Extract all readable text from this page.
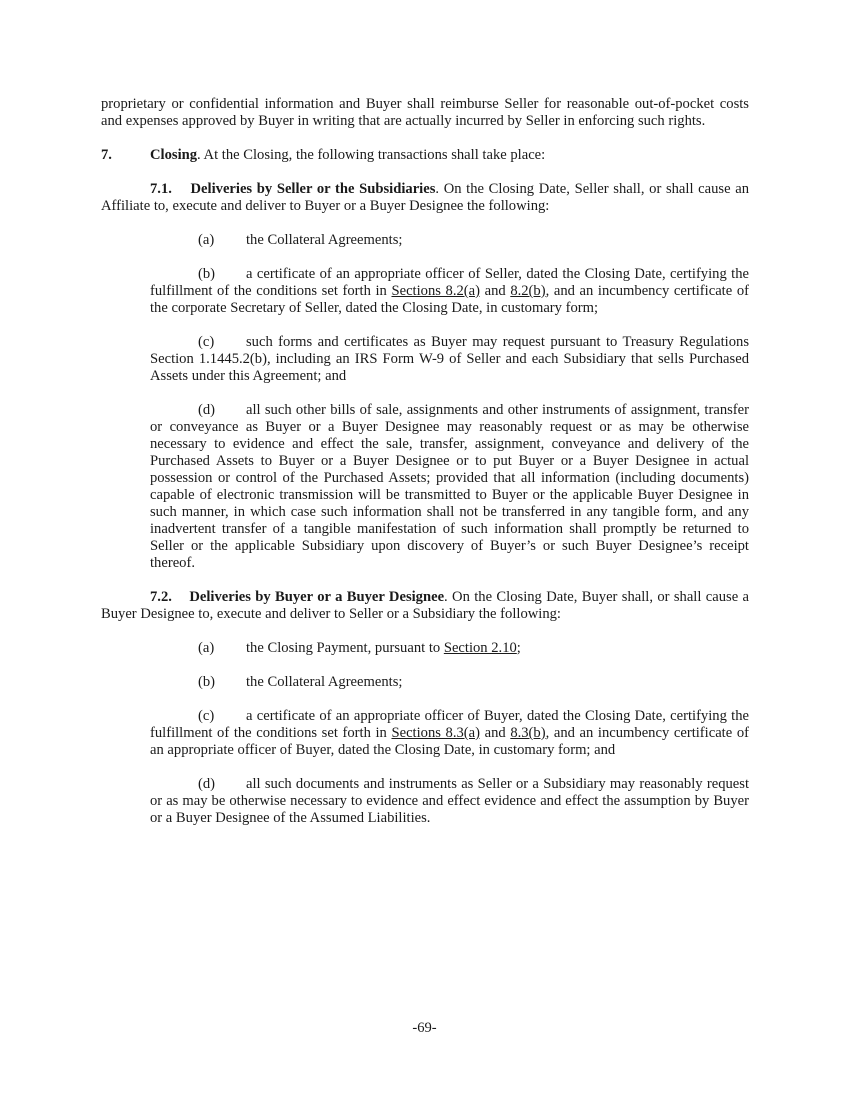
proprietary or confidential information and Buyer shall reimburse Seller for reasonable out-of-pocket costs and expenses approved by Buyer in writing that are actually incurred by Seller in enforcing such rights.

7.	Closing. At the Closing, the following transactions shall take place:

7.1. Deliveries by Seller or the Subsidiaries. On the Closing Date, Seller shall, or shall cause an Affiliate to, execute and deliver to Buyer or a Buyer Designee the following:

(a) the Collateral Agreements;

(b) a certificate of an appropriate officer of Seller, dated the Closing Date, certifying the fulfillment of the conditions set forth in Sections 8.2(a) and 8.2(b), and an incumbency certificate of the corporate Secretary of Seller, dated the Closing Date, in customary form;

(c) such forms and certificates as Buyer may request pursuant to Treasury Regulations Section 1.1445.2(b), including an IRS Form W-9 of Seller and each Subsidiary that sells Purchased Assets under this Agreement; and

(d) all such other bills of sale, assignments and other instruments of assignment, transfer or conveyance as Buyer or a Buyer Designee may reasonably request or as may be otherwise necessary to evidence and effect the sale, transfer, assignment, conveyance and delivery of the Purchased Assets to Buyer or a Buyer Designee or to put Buyer or a Buyer Designee in actual possession or control of the Purchased Assets; provided that all information (including documents) capable of electronic transmission will be transmitted to Buyer or the applicable Buyer Designee in such manner, in which case such information shall not be transferred in any tangible form, and any inadvertent transfer of a tangible manifestation of such information shall promptly be returned to Seller or the applicable Subsidiary upon discovery of Buyer’s or such Buyer Designee’s receipt thereof.

7.2. Deliveries by Buyer or a Buyer Designee. On the Closing Date, Buyer shall, or shall cause a Buyer Designee to, execute and deliver to Seller or a Subsidiary the following:

(a) the Closing Payment, pursuant to Section 2.10;

(b) the Collateral Agreements;

(c) a certificate of an appropriate officer of Buyer, dated the Closing Date, certifying the fulfillment of the conditions set forth in Sections 8.3(a) and 8.3(b), and an incumbency certificate of an appropriate officer of Buyer, dated the Closing Date, in customary form; and

(d) all such documents and instruments as Seller or a Subsidiary may reasonably request or as may be otherwise necessary to evidence and effect evidence and effect the assumption by Buyer or a Buyer Designee of the Assumed Liabilities.

-69-
